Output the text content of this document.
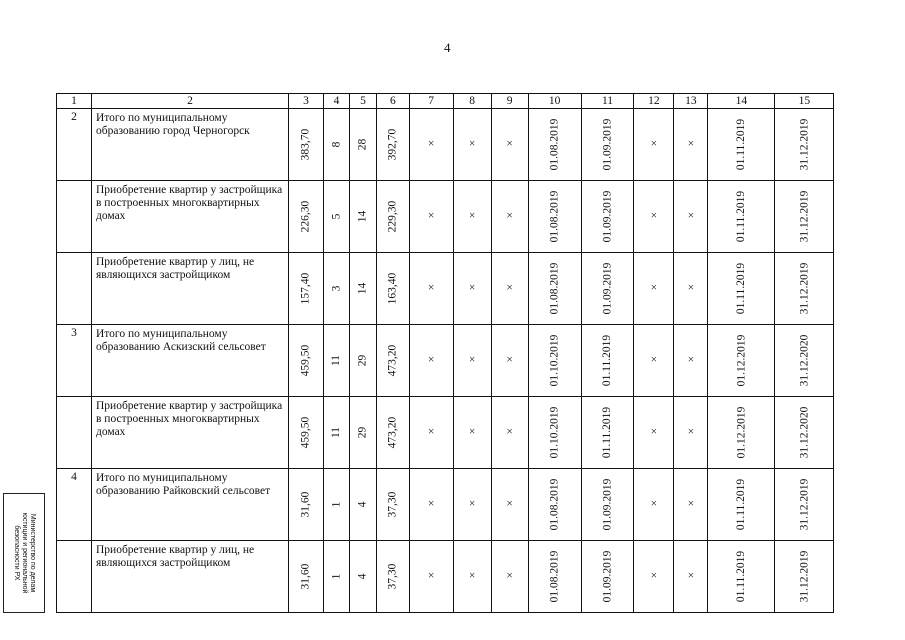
4
1	2	3	4	5	6	7	8	9	10	11	12	13	14	15
2	Итого по муниципальному образованию город Черногорск	383,70	8	28	392,70	×	×	×	01.08.2019	01.09.2019	×	×	01.11.2019	31.12.2019
	Приобретение квартир у застройщика в построенных многоквартирных домах	226,30	5	14	229,30	×	×	×	01.08.2019	01.09.2019	×	×	01.11.2019	31.12.2019
	Приобретение квартир у лиц, не являющихся застройщиком	157,40	3	14	163,40	×	×	×	01.08.2019	01.09.2019	×	×	01.11.2019	31.12.2019
3	Итого по муниципальному образованию Аскизский сельсовет	459,50	11	29	473,20	×	×	×	01.10.2019	01.11.2019	×	×	01.12.2019	31.12.2020
	Приобретение квартир у застройщика в построенных многоквартирных домах	459,50	11	29	473,20	×	×	×	01.10.2019	01.11.2019	×	×	01.12.2019	31.12.2020
4	Итого по муниципальному образованию Райковский сельсовет	31,60	1	4	37,30	×	×	×	01.08.2019	01.09.2019	×	×	01.11.2019	31.12.2019
	Приобретение квартир у лиц, не являющихся застройщиком	31,60	1	4	37,30	×	×	×	01.08.2019	01.09.2019	×	×	01.11.2019	31.12.2019
Министерство по делам
юстиции и региональной
безопасности РХ
